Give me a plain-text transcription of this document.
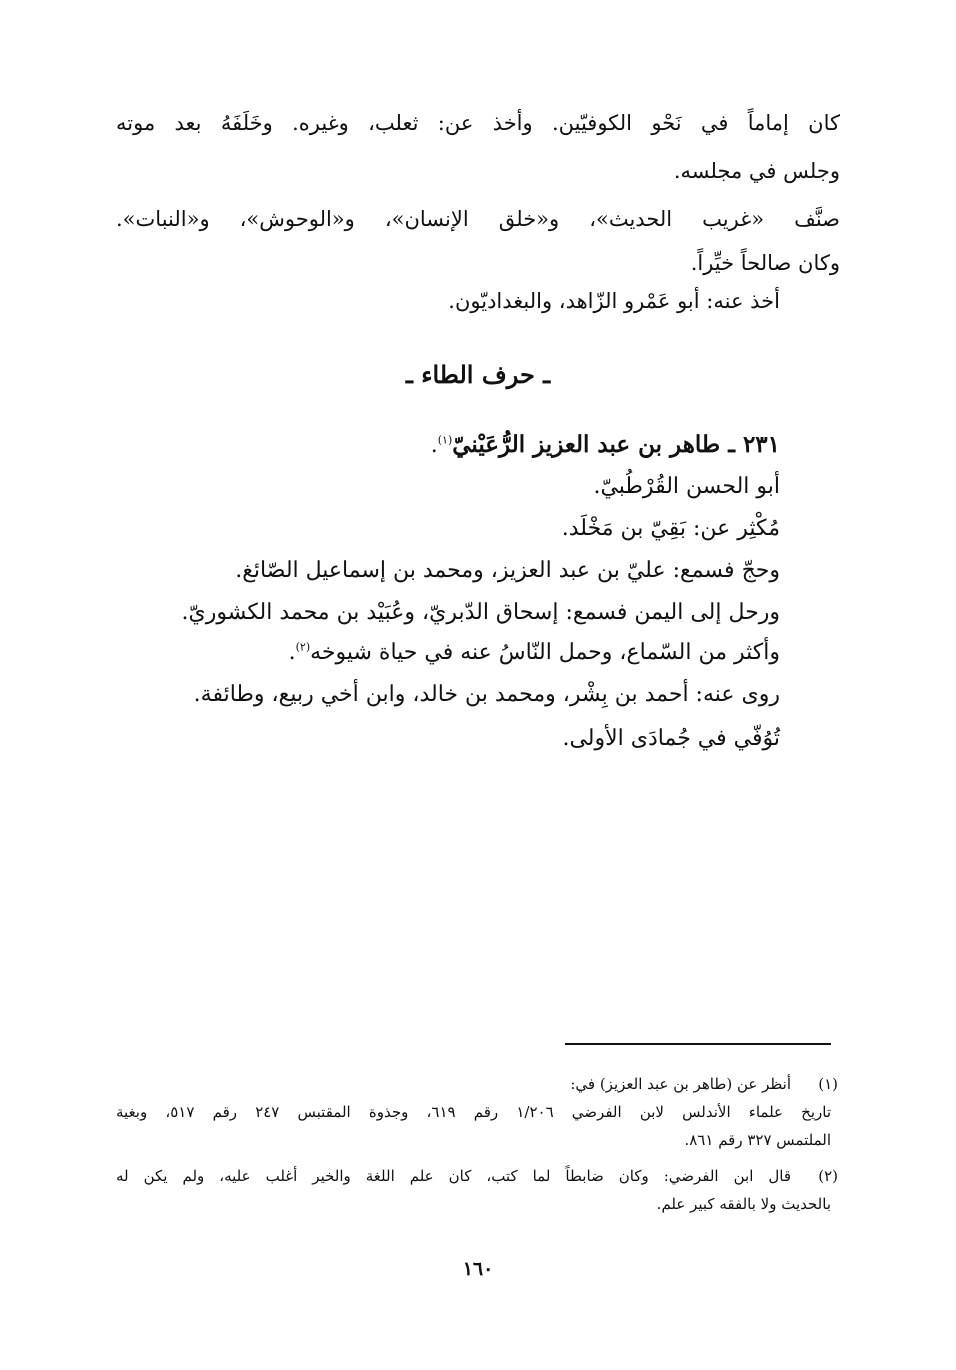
كان إماماً في نَحْو الكوفيّين. وأخذ عن: ثعلب، وغيره. وخَلَفَهُ بعد موته
وجلس في مجلسه.
صنَّف «غريب الحديث»، و«خلق الإنسان»، و«الوحوش»، و«النبات».
وكان صالحاً خيِّراً.
أخذ عنه: أبو عَمْرو الزّاهد، والبغداديّون.
ـ حرف الطاء ـ
٢٣١ ـ طاهر بن عبد العزيز الرُّعَيْنيّ$^{(١)}$.
أبو الحسن القُرْطُبيّ.
مُكْثِر عن: بَقِيّ بن مَخْلَد.
وحجّ فسمع: عليّ بن عبد العزيز، ومحمد بن إسماعيل الصّائغ.
ورحل إلى اليمن فسمع: إسحاق الدّبريّ، وعُبَيْد بن محمد الكشوريّ.
وأكثر من السّماع، وحمل النّاسُ عنه في حياة شيوخه$^{(٢)}$.
روى عنه: أحمد بن بِشْر، ومحمد بن خالد، وابن أخي ربيع، وطائفة.
تُوُفّي في جُمادَى الأولى.
(١)
أنظر عن (طاهر بن عبد العزيز) في:
تاريخ علماء الأندلس لابن الفرضي ١/٢٠٦ رقم ٦١٩، وجذوة المقتبس ٢٤٧ رقم ٥١٧، وبغية
الملتمس ٣٢٧ رقم ٨٦١.
(٢)
قال ابن الفرضي: وكان ضابطاً لما كتب، كان علم اللغة والخير أغلب عليه، ولم يكن له
بالحديث ولا بالفقه كبير علم.
١٦٠
